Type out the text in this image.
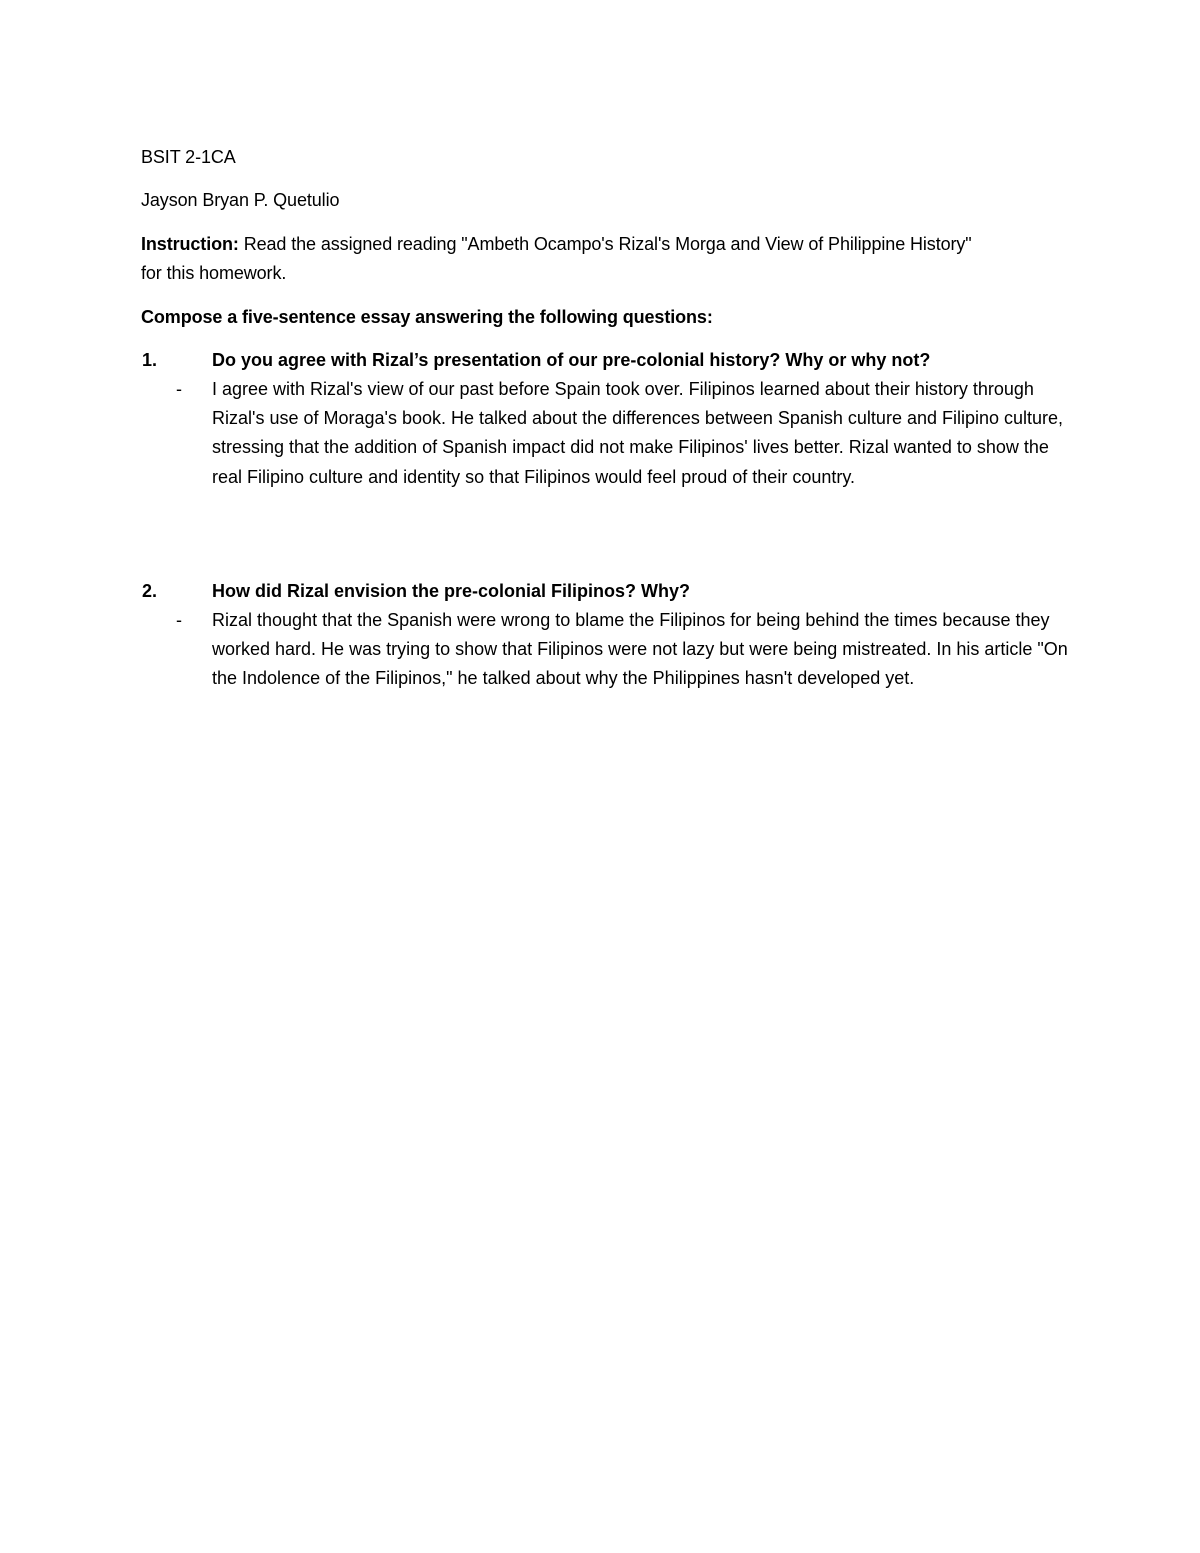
BSIT 2-1CA
Jayson Bryan P. Quetulio
Instruction: Read the assigned reading "Ambeth Ocampo's Rizal's Morga and View of Philippine History"
for this homework.
Compose a five-sentence essay answering the following questions:
1.	Do you agree with Rizal’s presentation of our pre-colonial history? Why or why not?
- I agree with Rizal's view of our past before Spain took over. Filipinos learned about their history through Rizal's use of Moraga's book. He talked about the differences between Spanish culture and Filipino culture, stressing that the addition of Spanish impact did not make Filipinos' lives better. Rizal wanted to show the real Filipino culture and identity so that Filipinos would feel proud of their country.
2.	How did Rizal envision the pre-colonial Filipinos? Why?
- Rizal thought that the Spanish were wrong to blame the Filipinos for being behind the times because they worked hard. He was trying to show that Filipinos were not lazy but were being mistreated. In his article "On the Indolence of the Filipinos," he talked about why the Philippines hasn't developed yet.
